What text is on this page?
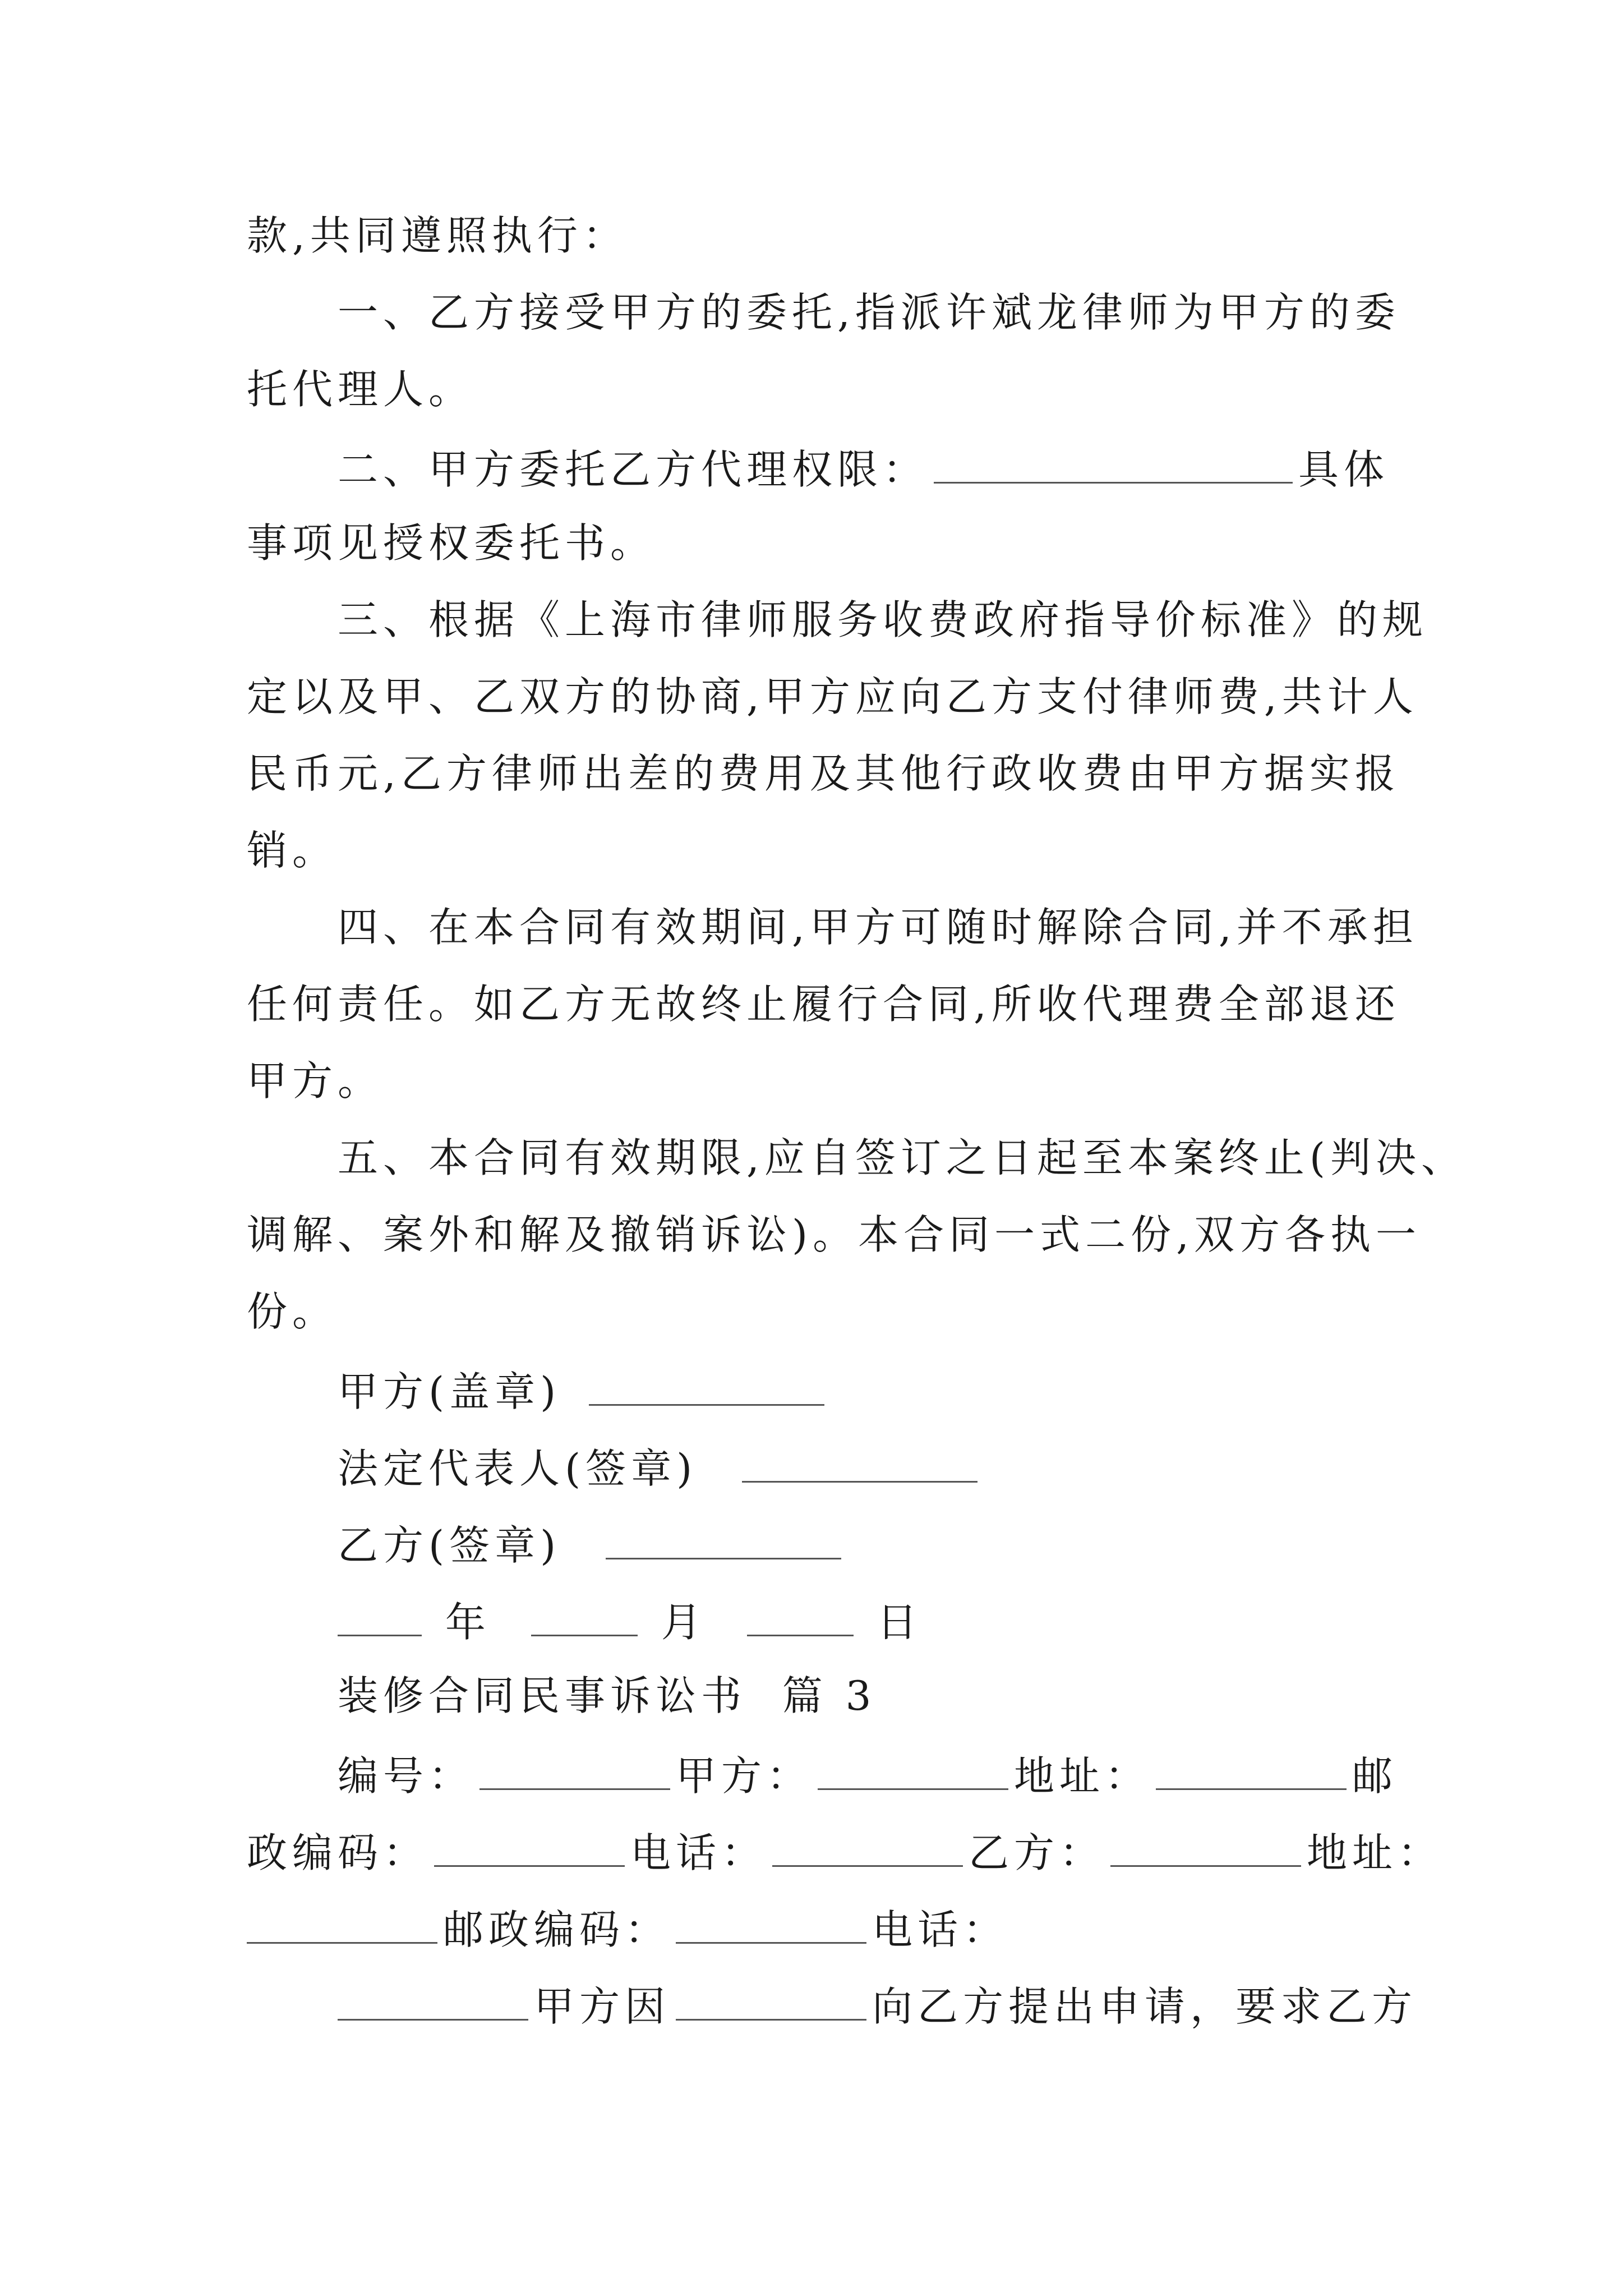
款,共同遵照执行：
一、乙方接受甲方的委托,指派许斌龙律师为甲方的委
托代理人。
二、甲方委托乙方代理权限：	具体
事项见授权委托书。
三、根据《上海市律师服务收费政府指导价标准》的规
定以及甲、乙双方的协商,甲方应向乙方支付律师费,共计人
民币元,乙方律师出差的费用及其他行政收费由甲方据实报
销。
四、在本合同有效期间,甲方可随时解除合同,并不承担
任何责任。如乙方无故终止履行合同,所收代理费全部退还
甲方。
五、本合同有效期限,应自签订之日起至本案终止(判决、
调解、案外和解及撤销诉讼)。本合同一式二份,双方各执一
份。
甲方(盖章)
法定代表人(签章)
乙方(签章)
年	月	日
装修合同民事诉讼书  篇 3
编号：	甲方：	地址：	邮
政编码：	电话：	乙方：	地址：
邮政编码：	电话：
甲方因	向乙方提出申请，要求乙方
